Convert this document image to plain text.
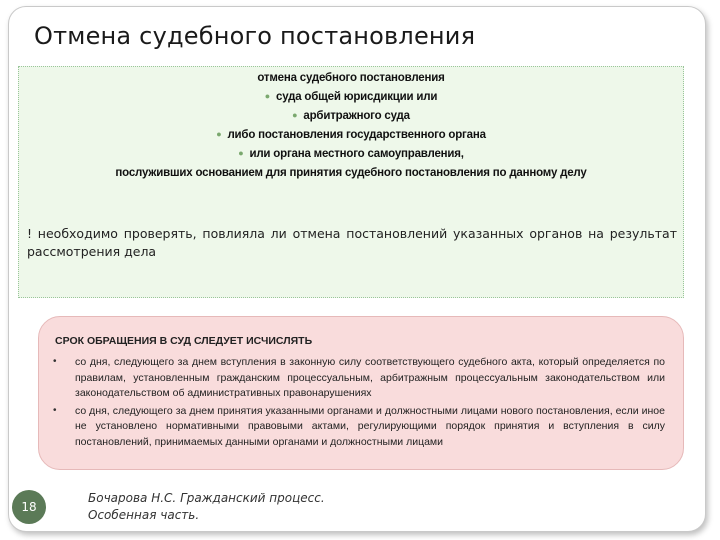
Отмена судебного постановления
отмена судебного постановления
● суда общей юрисдикции или
● арбитражного суда
● либо постановления государственного органа
● или органа местного самоуправления,
послуживших основанием для принятия судебного постановления по данному делу
! необходимо проверять, повлияла ли отмена постановлений указанных органов на результат рассмотрения дела
СРОК ОБРАЩЕНИЯ В СУД СЛЕДУЕТ ИСЧИСЛЯТЬ
•	со дня, следующего за днем вступления в законную силу соответствующего судебного акта, который определяется по правилам, установленным гражданским процессуальным, арбитражным процессуальным законодательством или законодательством об административных правонарушениях
•	со дня, следующего за днем принятия указанными органами и должностными лицами нового постановления, если иное не установлено нормативными правовыми актами, регулирующими порядок принятия и вступления в силу постановлений, принимаемых данными органами и должностными лицами
18
Бочарова Н.С. Гражданский процесс.
Особенная часть.
